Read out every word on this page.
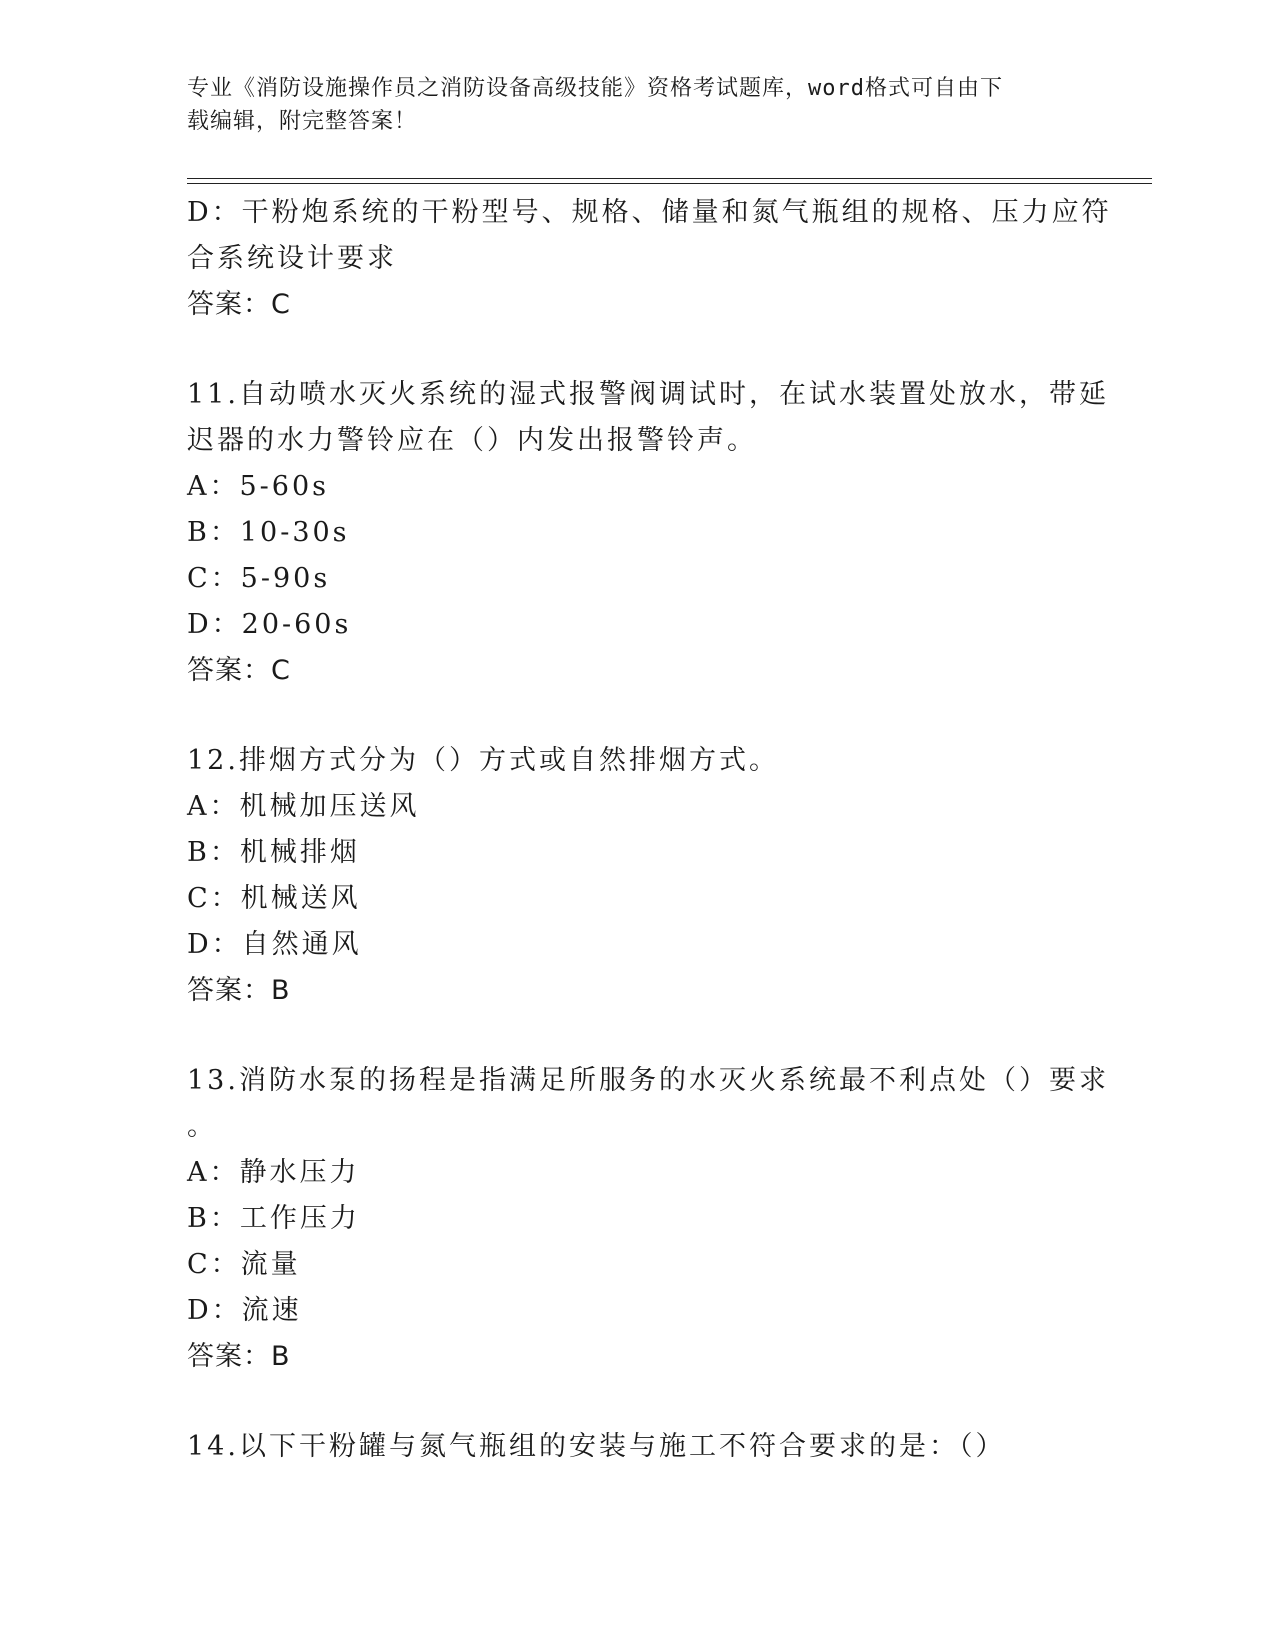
专业《消防设施操作员之消防设备高级技能》资格考试题库，word格式可自由下
载编辑，附完整答案！
D：干粉炮系统的干粉型号、规格、储量和氮气瓶组的规格、压力应符
合系统设计要求
答案：C
11.自动喷水灭火系统的湿式报警阀调试时，在试水装置处放水，带延
迟器的水力警铃应在（）内发出报警铃声。
A：5-60s
B：10-30s
C：5-90s
D：20-60s
答案：C
12.排烟方式分为（）方式或自然排烟方式。
A：机械加压送风
B：机械排烟
C：机械送风
D：自然通风
答案：B
13.消防水泵的扬程是指满足所服务的水灭火系统最不利点处（）要求
。
A：静水压力
B：工作压力
C：流量
D：流速
答案：B
14.以下干粉罐与氮气瓶组的安装与施工不符合要求的是：（）
